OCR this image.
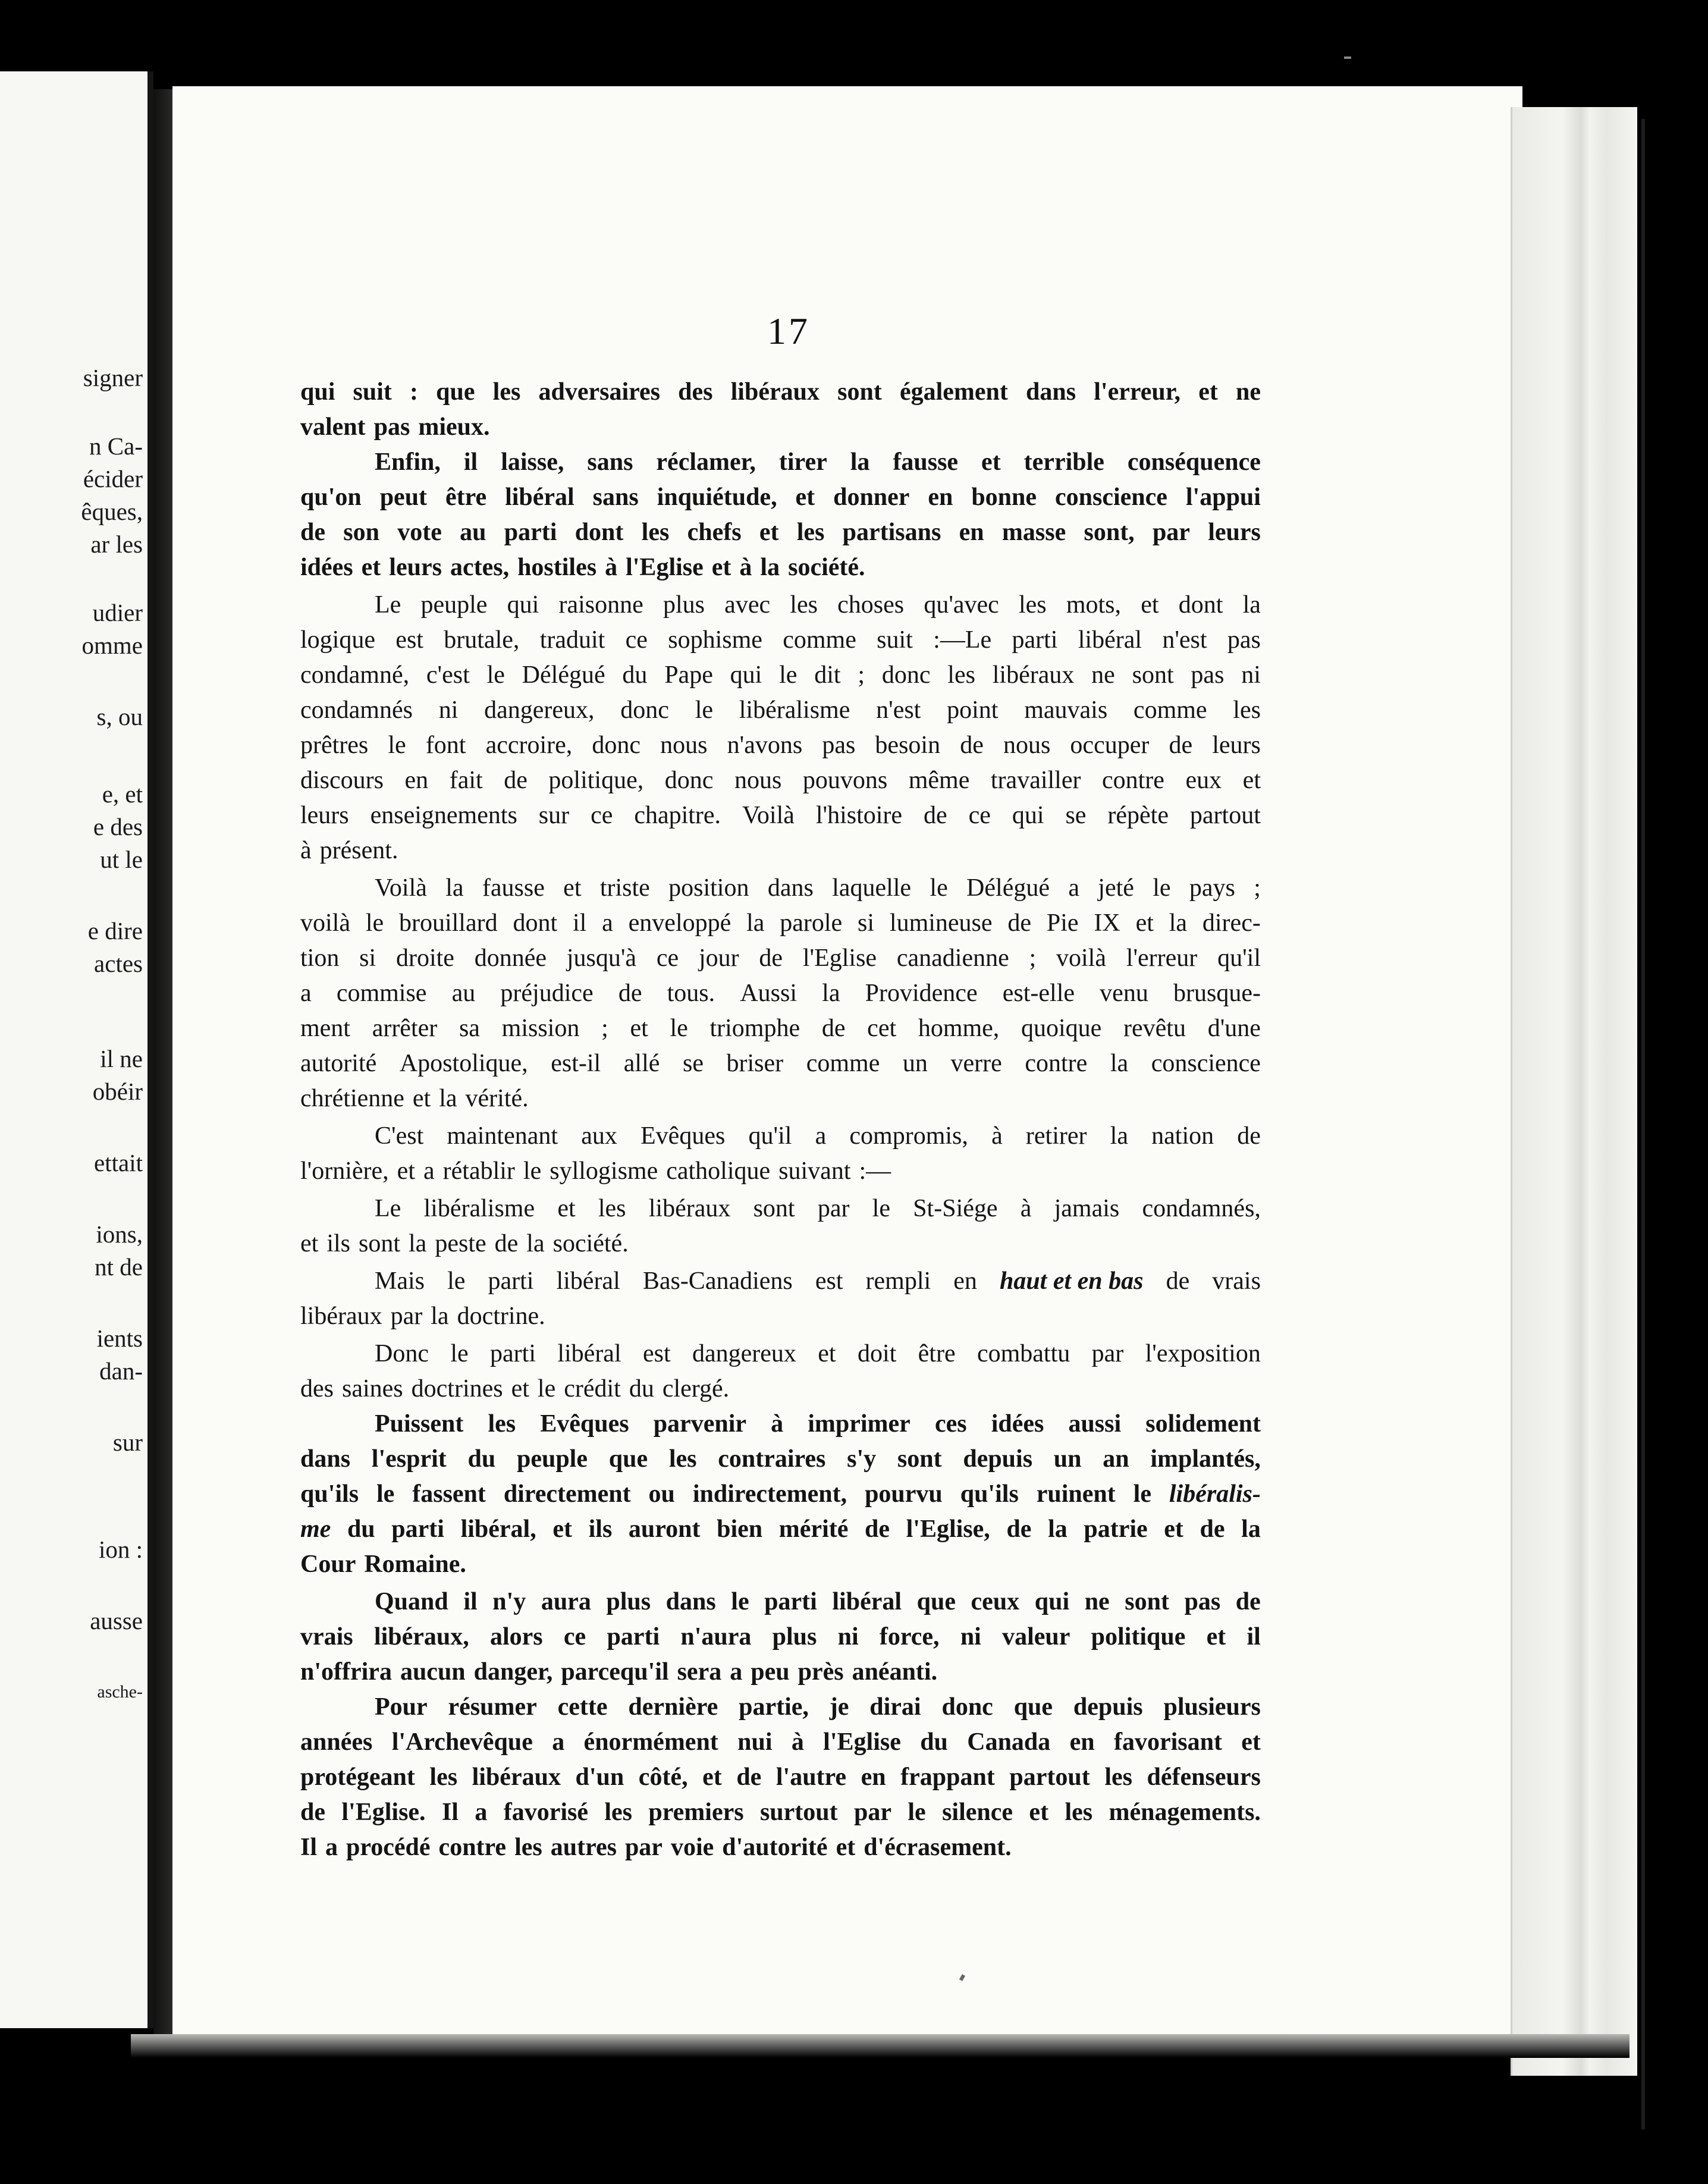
signer
n Ca-
écider
êques,
ar les
udier
omme
s, ou
e, et
e des
ut le
e dire
actes
il ne
obéir
ettait
ions,
nt de
ients
dan-
sur
ion :
ausse
asche-
17
qui suit : que les adversaires des libéraux sont également dans l'erreur, et ne
valent pas mieux.
Enfin, il laisse, sans réclamer, tirer la fausse et terrible conséquence
qu'on peut être libéral sans inquiétude, et donner en bonne conscience l'appui
de son vote au parti dont les chefs et les partisans en masse sont, par leurs
idées et leurs actes, hostiles à l'Eglise et à la société.
Le peuple qui raisonne plus avec les choses qu'avec les mots, et dont la
logique est brutale, traduit ce sophisme comme suit :—Le parti libéral n'est pas
condamné, c'est le Délégué du Pape qui le dit ; donc les libéraux ne sont pas ni
condamnés ni dangereux, donc le libéralisme n'est point mauvais comme les
prêtres le font accroire, donc nous n'avons pas besoin de nous occuper de leurs
discours en fait de politique, donc nous pouvons même travailler contre eux et
leurs enseignements sur ce chapitre. Voilà l'histoire de ce qui se répète partout
à présent.
Voilà la fausse et triste position dans laquelle le Délégué a jeté le pays ;
voilà le brouillard dont il a enveloppé la parole si lumineuse de Pie IX et la direc-
tion si droite donnée jusqu'à ce jour de l'Eglise canadienne ; voilà l'erreur qu'il
a commise au préjudice de tous. Aussi la Providence est-elle venu brusque-
ment arrêter sa mission ; et le triomphe de cet homme, quoique revêtu d'une
autorité Apostolique, est-il allé se briser comme un verre contre la conscience
chrétienne et la vérité.
C'est maintenant aux Evêques qu'il a compromis, à retirer la nation de
l'ornière, et a rétablir le syllogisme catholique suivant :—
Le libéralisme et les libéraux sont par le St-Siége à jamais condamnés,
et ils sont la peste de la société.
Mais le parti libéral Bas-Canadiens est rempli en haut et en bas de vrais
libéraux par la doctrine.
Donc le parti libéral est dangereux et doit être combattu par l'exposition
des saines doctrines et le crédit du clergé.
Puissent les Evêques parvenir à imprimer ces idées aussi solidement
dans l'esprit du peuple que les contraires s'y sont depuis un an implantés,
qu'ils le fassent directement ou indirectement, pourvu qu'ils ruinent le libéralis-
me du parti libéral, et ils auront bien mérité de l'Eglise, de la patrie et de la
Cour Romaine.
Quand il n'y aura plus dans le parti libéral que ceux qui ne sont pas de
vrais libéraux, alors ce parti n'aura plus ni force, ni valeur politique et il
n'offrira aucun danger, parcequ'il sera a peu près anéanti.
Pour résumer cette dernière partie, je dirai donc que depuis plusieurs
années l'Archevêque a énormément nui à l'Eglise du Canada en favorisant et
protégeant les libéraux d'un côté, et de l'autre en frappant partout les défenseurs
de l'Eglise. Il a favorisé les premiers surtout par le silence et les ménagements.
Il a procédé contre les autres par voie d'autorité et d'écrasement.
